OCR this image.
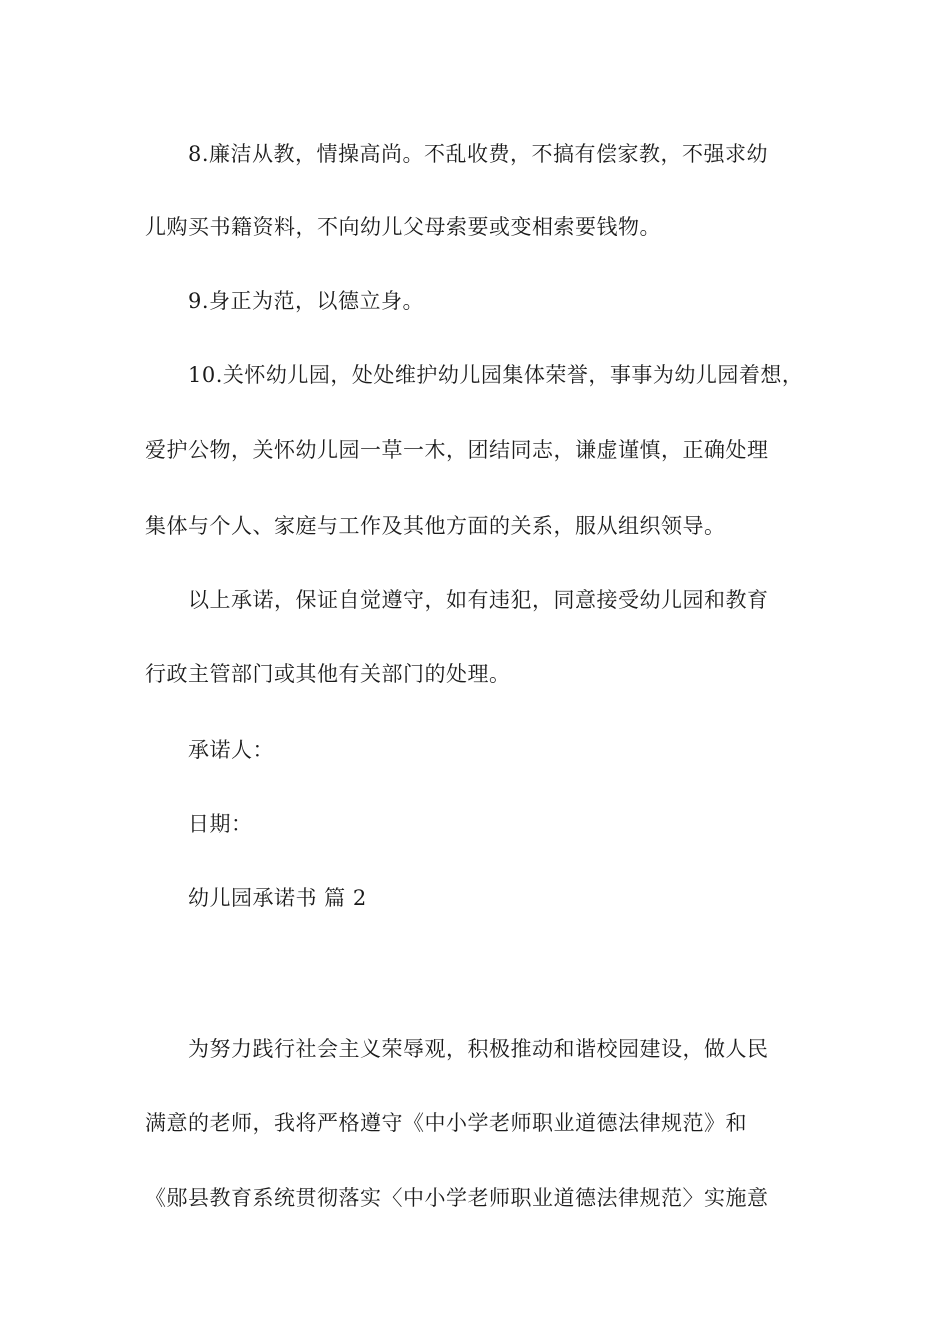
8.廉洁从教，情操高尚。不乱收费，不搞有偿家教，不强求幼
儿购买书籍资料，不向幼儿父母索要或变相索要钱物。
9.身正为范，以德立身。
10.关怀幼儿园，处处维护幼儿园集体荣誉，事事为幼儿园着想，
爱护公物，关怀幼儿园一草一木，团结同志，谦虚谨慎，正确处理
集体与个人、家庭与工作及其他方面的关系，服从组织领导。
以上承诺，保证自觉遵守，如有违犯，同意接受幼儿园和教育
行政主管部门或其他有关部门的处理。
承诺人：
日期：
幼儿园承诺书 篇 2
为努力践行社会主义荣辱观，积极推动和谐校园建设，做人民
满意的老师，我将严格遵守《中小学老师职业道德法律规范》和
《郧县教育系统贯彻落实〈中小学老师职业道德法律规范〉实施意
